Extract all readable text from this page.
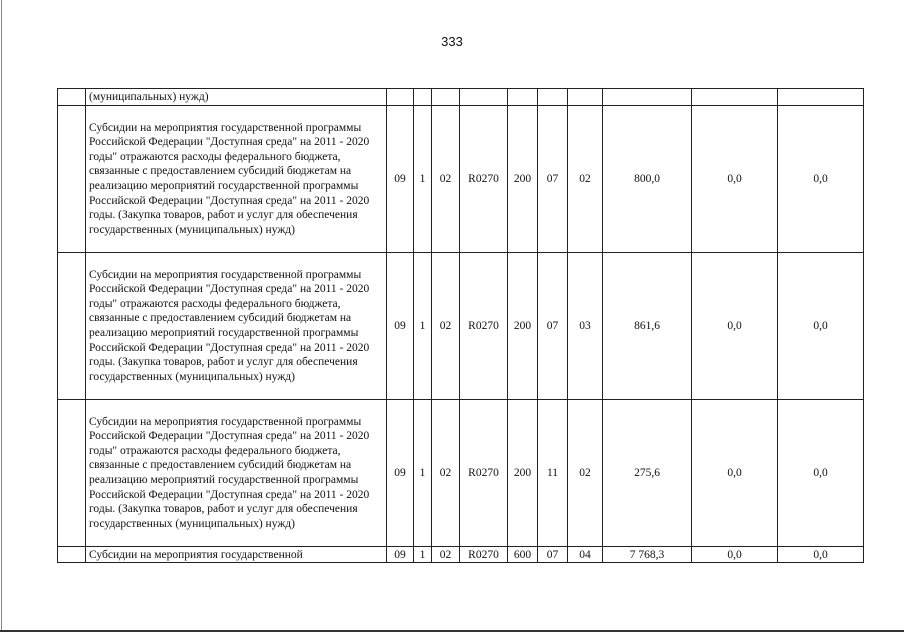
333
	(муниципальных) нужд)										
	Субсидии на мероприятия государственной программы Российской Федерации "Доступная среда" на 2011 - 2020 годы" отражаются расходы федерального бюджета, связанные с предоставлением субсидий бюджетам на реализацию мероприятий государственной программы Российской Федерации "Доступная среда" на 2011 - 2020 годы. (Закупка товаров, работ и услуг для обеспечения государственных (муниципальных) нужд)	09	1	02	R0270	200	07	02	800,0	0,0	0,0
	Субсидии на мероприятия государственной программы Российской Федерации "Доступная среда" на 2011 - 2020 годы" отражаются расходы федерального бюджета, связанные с предоставлением субсидий бюджетам на реализацию мероприятий государственной программы Российской Федерации "Доступная среда" на 2011 - 2020 годы. (Закупка товаров, работ и услуг для обеспечения государственных (муниципальных) нужд)	09	1	02	R0270	200	07	03	861,6	0,0	0,0
	Субсидии на мероприятия государственной программы Российской Федерации "Доступная среда" на 2011 - 2020 годы" отражаются расходы федерального бюджета, связанные с предоставлением субсидий бюджетам на реализацию мероприятий государственной программы Российской Федерации "Доступная среда" на 2011 - 2020 годы. (Закупка товаров, работ и услуг для обеспечения государственных (муниципальных) нужд)	09	1	02	R0270	200	11	02	275,6	0,0	0,0
	Субсидии на мероприятия государственной	09	1	02	R0270	600	07	04	7 768,3	0,0	0,0
